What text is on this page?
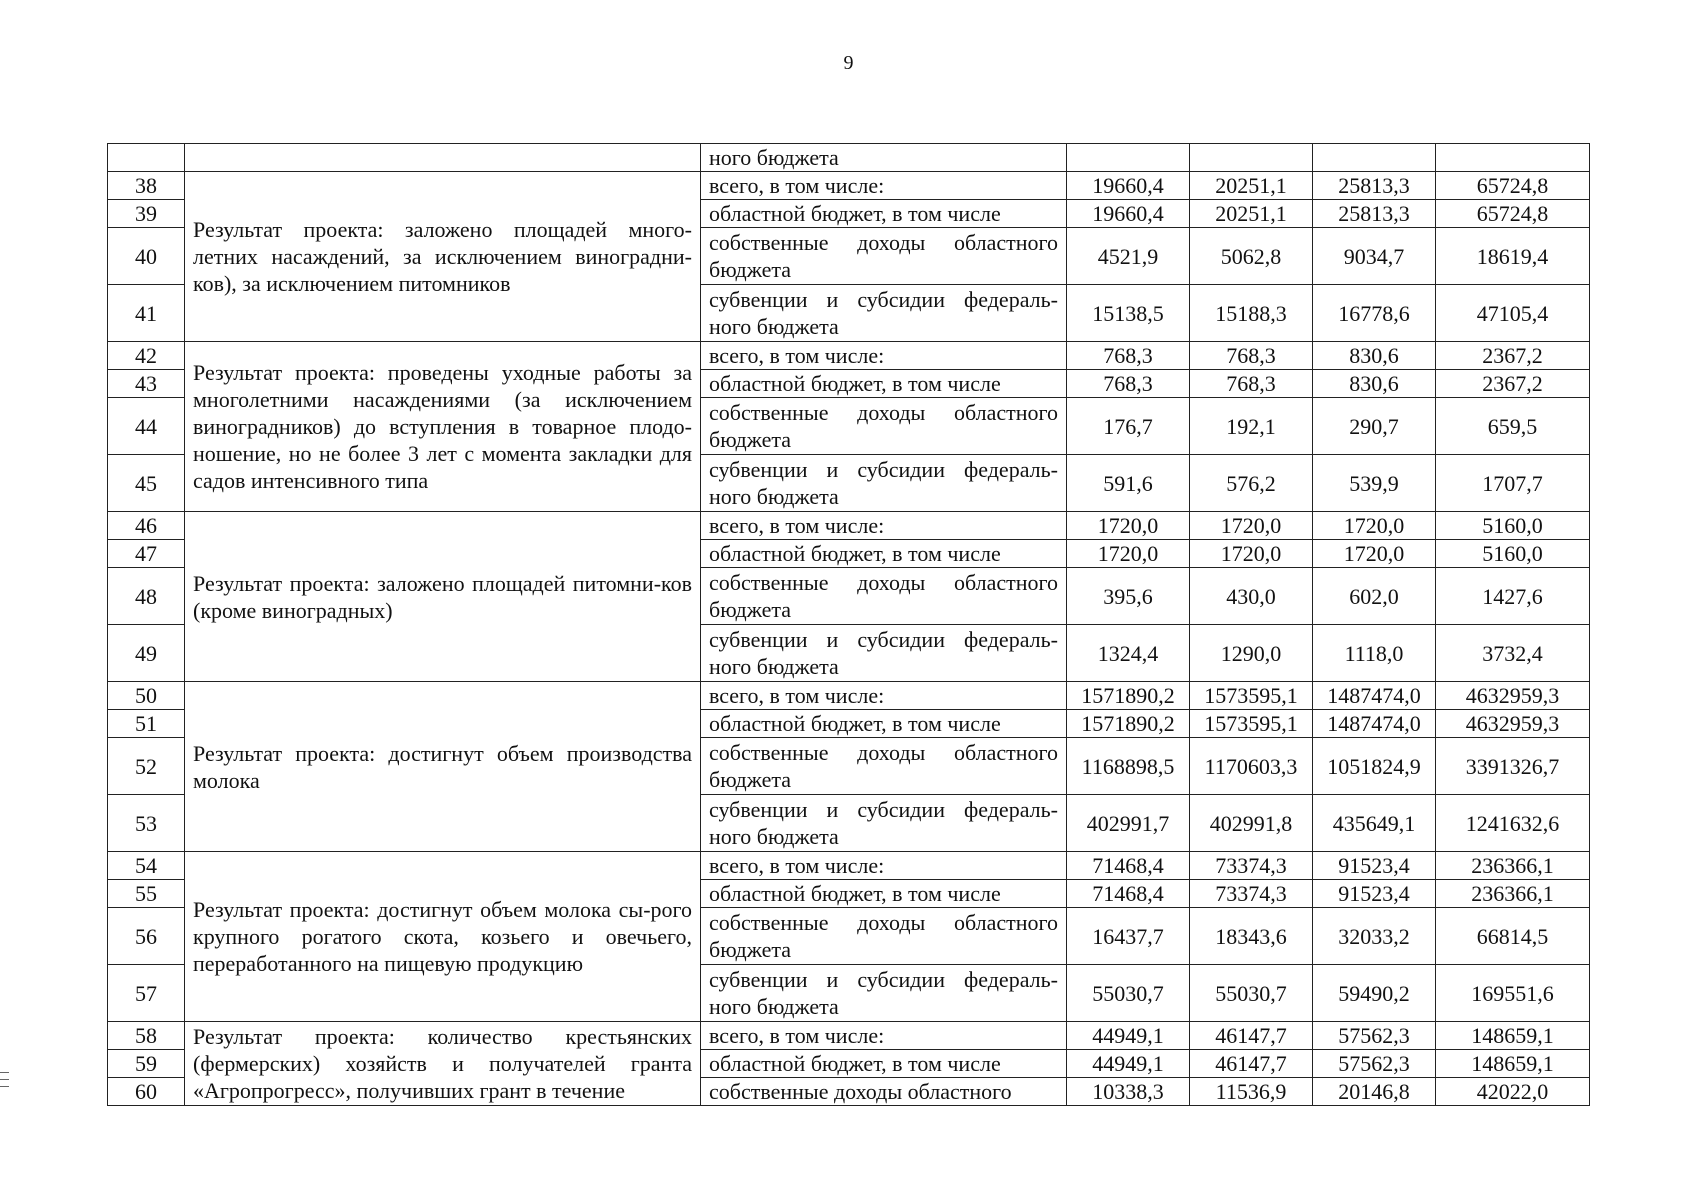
9
		ного бюджета				
38	Результат проекта: заложено площадей много-летних насаждений, за исключением виноградни-ков), за исключением питомников	всего, в том числе:	19660,4	20251,1	25813,3	65724,8
39		областной бюджет, в том числе	19660,4	20251,1	25813,3	65724,8
40		собственные доходы областного бюджета	4521,9	5062,8	9034,7	18619,4
41		субвенции и субсидии федераль-ного бюджета	15138,5	15188,3	16778,6	47105,4
42	Результат проекта: проведены уходные работы за многолетними насаждениями (за исключением виноградников) до вступления в товарное плодо-ношение, но не более 3 лет с момента закладки для садов интенсивного типа	всего, в том числе:	768,3	768,3	830,6	2367,2
43		областной бюджет, в том числе	768,3	768,3	830,6	2367,2
44		собственные доходы областного бюджета	176,7	192,1	290,7	659,5
45		субвенции и субсидии федераль-ного бюджета	591,6	576,2	539,9	1707,7
46	Результат проекта: заложено площадей питомни-ков (кроме виноградных)	всего, в том числе:	1720,0	1720,0	1720,0	5160,0
47		областной бюджет, в том числе	1720,0	1720,0	1720,0	5160,0
48		собственные доходы областного бюджета	395,6	430,0	602,0	1427,6
49		субвенции и субсидии федераль-ного бюджета	1324,4	1290,0	1118,0	3732,4
50	Результат проекта: достигнут объем производства молока	всего, в том числе:	1571890,2	1573595,1	1487474,0	4632959,3
51		областной бюджет, в том числе	1571890,2	1573595,1	1487474,0	4632959,3
52		собственные доходы областного бюджета	1168898,5	1170603,3	1051824,9	3391326,7
53		субвенции и субсидии федераль-ного бюджета	402991,7	402991,8	435649,1	1241632,6
54	Результат проекта: достигнут объем молока сы-рого крупного рогатого скота, козьего и овечьего, переработанного на пищевую продукцию	всего, в том числе:	71468,4	73374,3	91523,4	236366,1
55		областной бюджет, в том числе	71468,4	73374,3	91523,4	236366,1
56		собственные доходы областного бюджета	16437,7	18343,6	32033,2	66814,5
57		субвенции и субсидии федераль-ного бюджета	55030,7	55030,7	59490,2	169551,6
58	Результат проекта: количество крестьянских (фермерских) хозяйств и получателей гранта «Агропрогресс», получивших грант в течение	всего, в том числе:	44949,1	46147,7	57562,3	148659,1
59		областной бюджет, в том числе	44949,1	46147,7	57562,3	148659,1
60		собственные доходы областного	10338,3	11536,9	20146,8	42022,0
